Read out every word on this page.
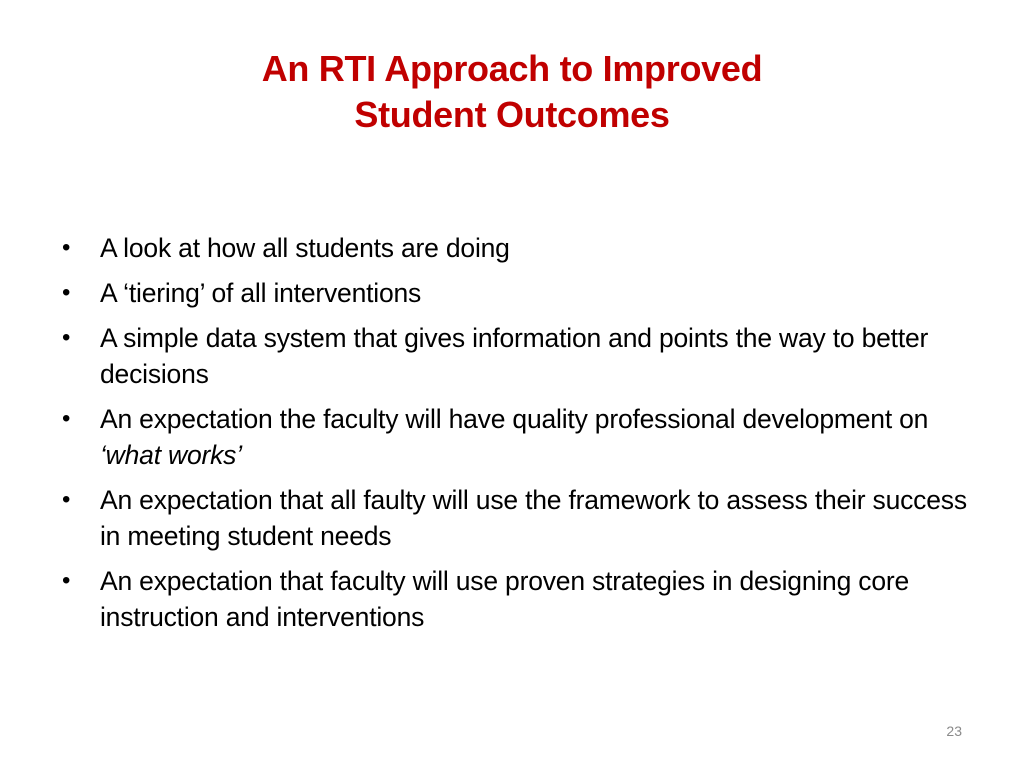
An RTI Approach to Improved
Student Outcomes
• A look at how all students are doing
• A ‘tiering’ of all interventions
• A simple data system that gives information and points the way to better decisions
• An expectation the faculty will have quality professional development on ‘what works’
• An expectation that all faulty will use the framework to assess their success in meeting student needs
• An expectation that faculty will use proven strategies in designing core instruction and interventions
23
